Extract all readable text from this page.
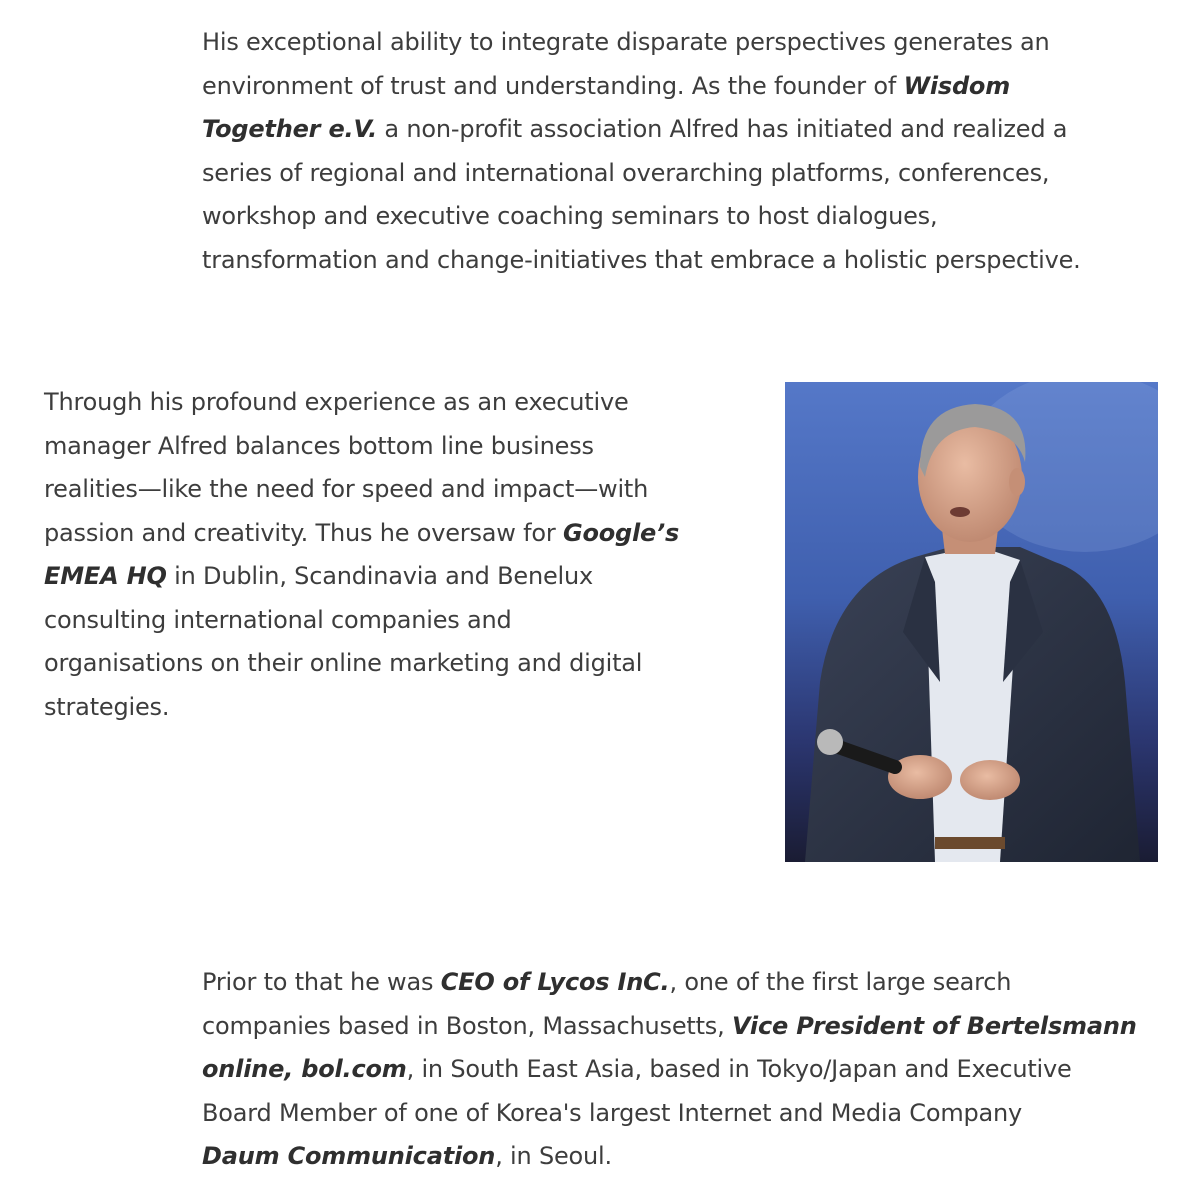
His exceptional ability to integrate disparate perspectives generates an
environment of trust and understanding. As the founder of Wisdom
Together e.V. a non-profit association Alfred has initiated and realized a
series of regional and international overarching platforms, conferences,
workshop and executive coaching seminars to host dialogues,
transformation and change-initiatives that embrace a holistic perspective.

Through his profound experience as an executive
manager Alfred balances bottom line business
realities—like the need for speed and impact—with
passion and creativity. Thus he oversaw for Google’s
EMEA HQ in Dublin, Scandinavia and Benelux
consulting international companies and
organisations on their online marketing and digital
strategies.

Prior to that he was CEO of Lycos InC., one of the first large search
companies based in Boston, Massachusetts, Vice President of Bertelsmann
online, bol.com, in South East Asia, based in Tokyo/Japan and Executive
Board Member of one of Korea's largest Internet and Media Company
Daum Communication, in Seoul.
